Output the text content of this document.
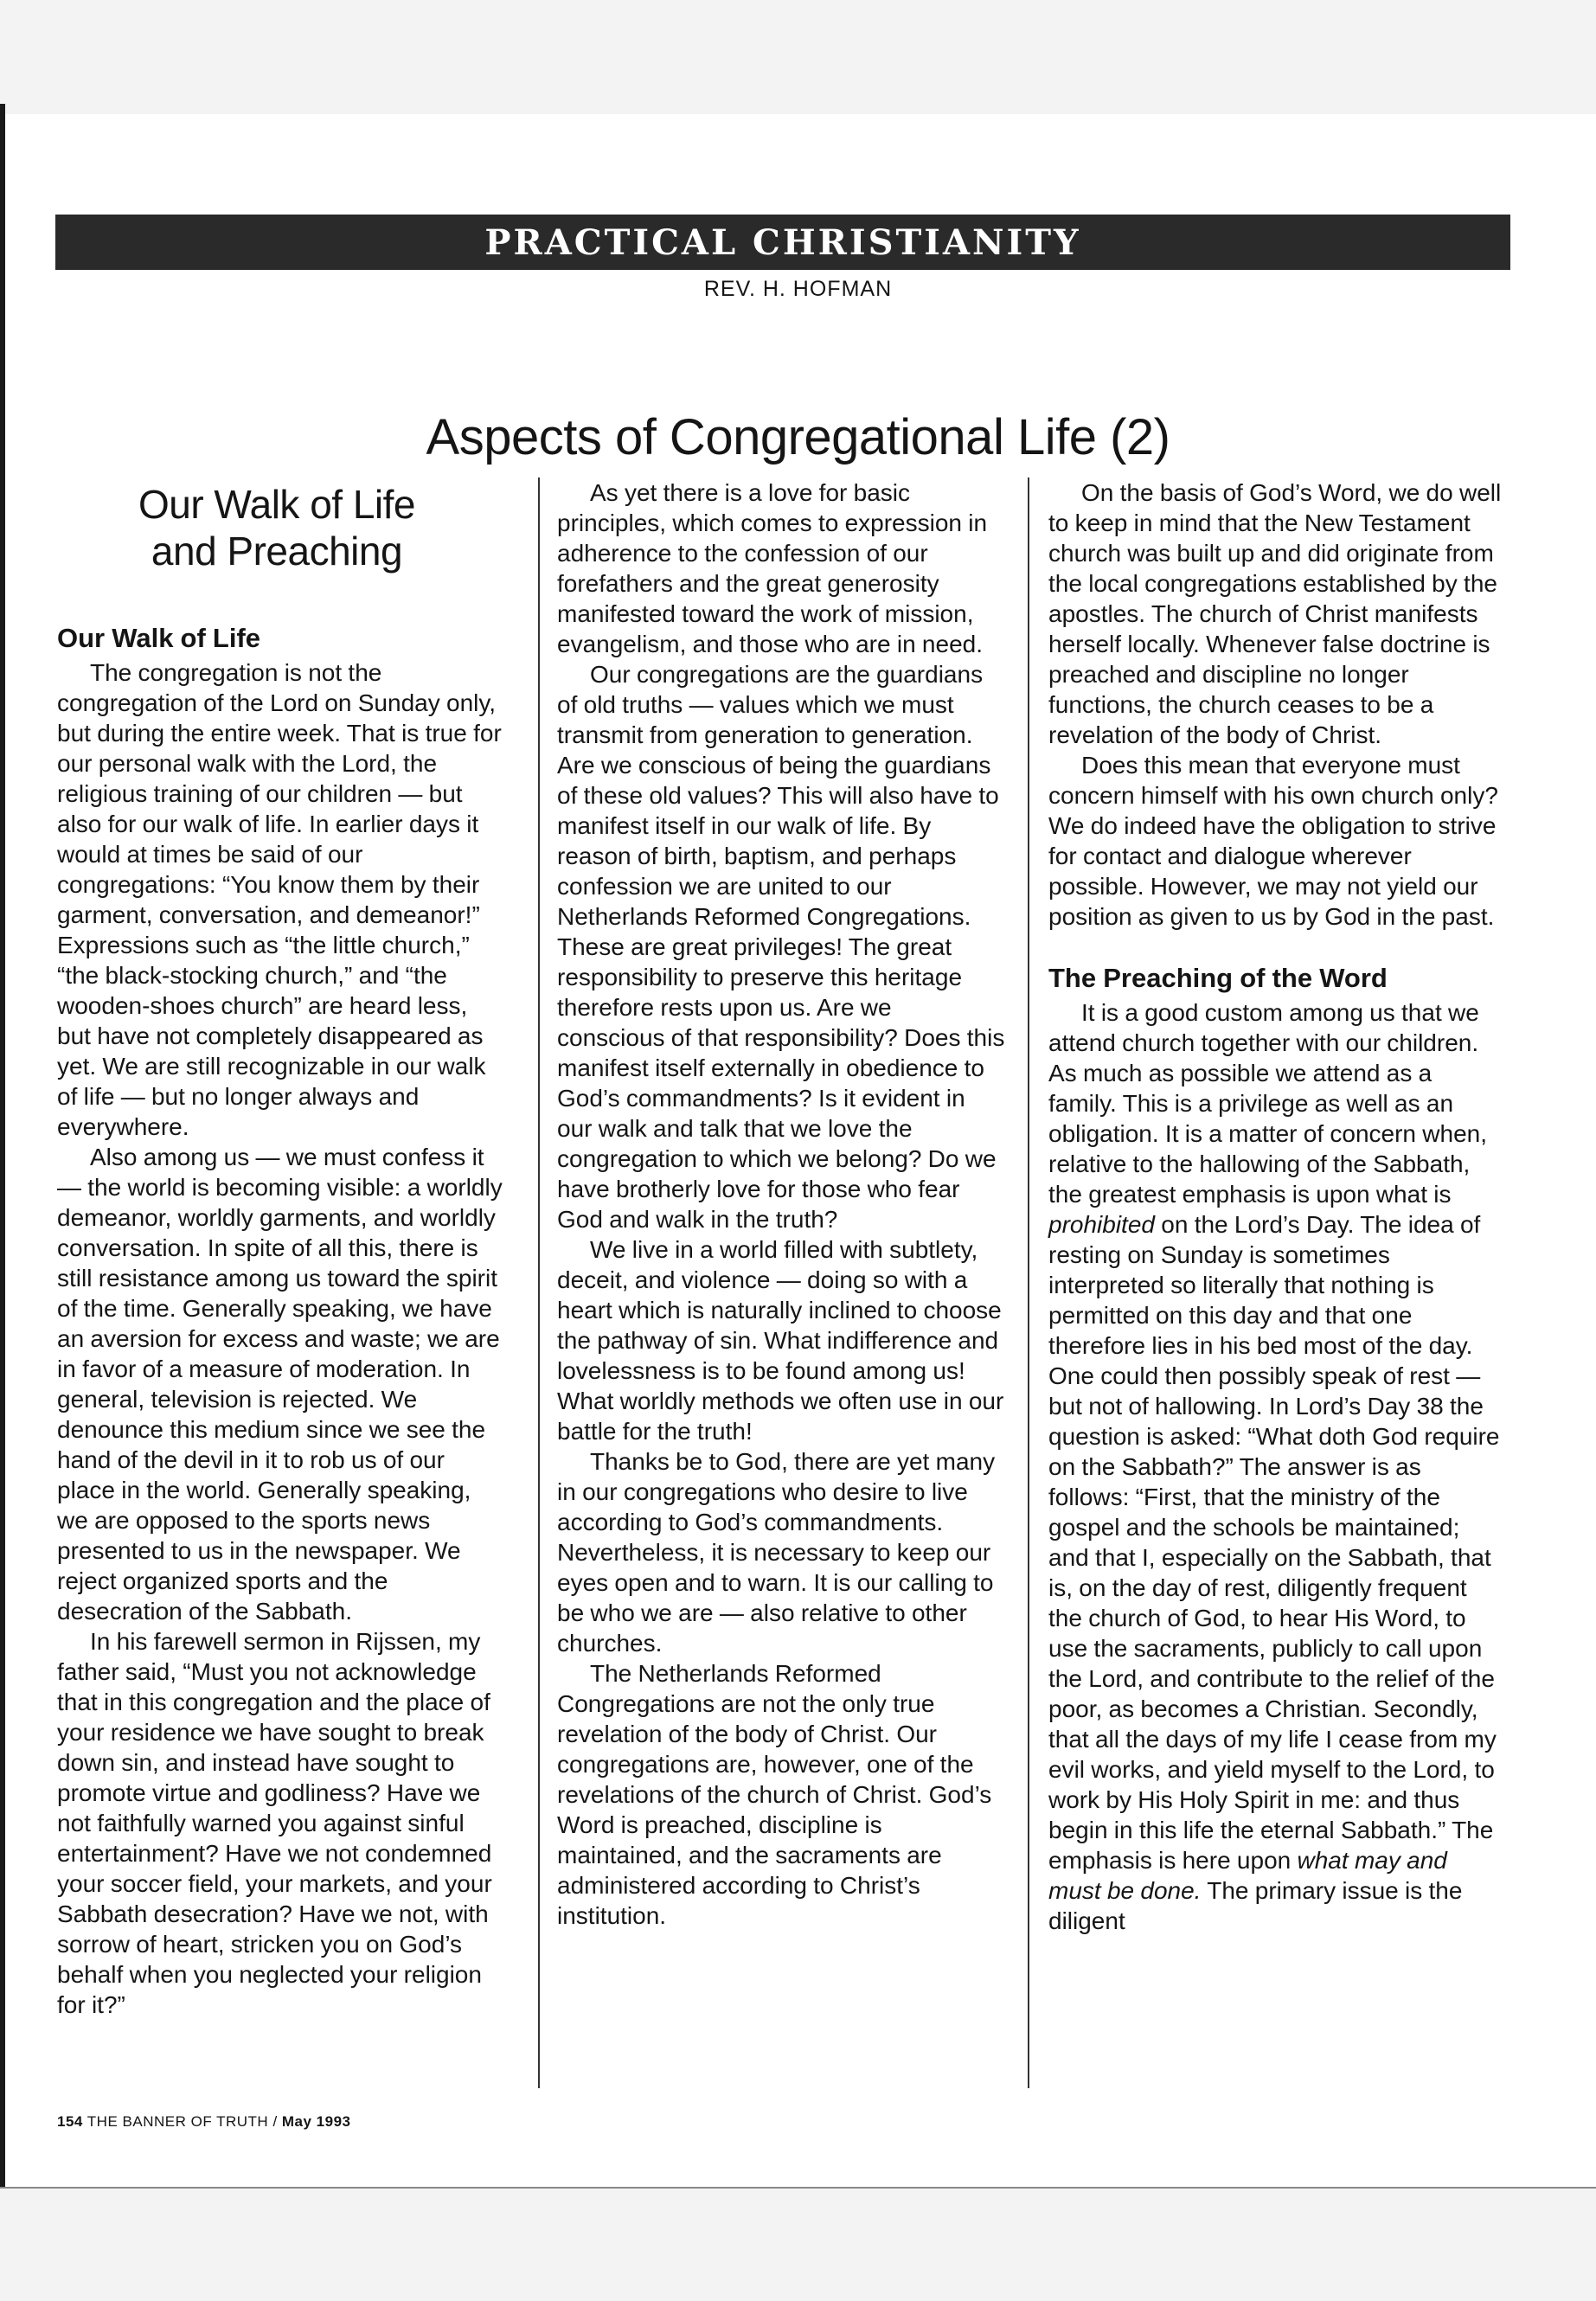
PRACTICAL CHRISTIANITY
REV. H. HOFMAN
Aspects of Congregational Life (2)
Our Walk of Life
and Preaching
Our Walk of Life

The congregation is not the congregation of the Lord on Sunday only, but during the entire week. That is true for our personal walk with the Lord, the religious training of our children — but also for our walk of life. In earlier days it would at times be said of our congregations: “You know them by their garment, conversation, and demeanor!” Expressions such as “the little church,” “the black-stocking church,” and “the wooden-shoes church” are heard less, but have not completely disappeared as yet. We are still recognizable in our walk of life — but no longer always and everywhere.

Also among us — we must confess it — the world is becoming visible: a worldly demeanor, worldly garments, and worldly conversation. In spite of all this, there is still resistance among us toward the spirit of the time. Generally speaking, we have an aversion for excess and waste; we are in favor of a measure of moderation. In general, television is rejected. We denounce this medium since we see the hand of the devil in it to rob us of our place in the world. Generally speaking, we are opposed to the sports news presented to us in the newspaper. We reject organized sports and the desecration of the Sabbath.

In his farewell sermon in Rijssen, my father said, “Must you not acknowledge that in this congregation and the place of your residence we have sought to break down sin, and instead have sought to promote virtue and godliness? Have we not faithfully warned you against sinful entertainment? Have we not condemned your soccer field, your markets, and your Sabbath desecration? Have we not, with sorrow of heart, stricken you on God’s behalf when you neglected your religion for it?”

As yet there is a love for basic principles, which comes to expression in adherence to the confession of our forefathers and the great generosity manifested toward the work of mission, evangelism, and those who are in need.

Our congregations are the guardians of old truths — values which we must transmit from generation to generation. Are we conscious of being the guardians of these old values? This will also have to manifest itself in our walk of life. By reason of birth, baptism, and perhaps confession we are united to our Netherlands Reformed Congregations. These are great privileges! The great responsibility to preserve this heritage therefore rests upon us. Are we conscious of that responsibility? Does this manifest itself externally in obedience to God’s commandments? Is it evident in our walk and talk that we love the congregation to which we belong? Do we have brotherly love for those who fear God and walk in the truth?

We live in a world filled with subtlety, deceit, and violence — doing so with a heart which is naturally inclined to choose the pathway of sin. What indifference and lovelessness is to be found among us! What worldly methods we often use in our battle for the truth!

Thanks be to God, there are yet many in our congregations who desire to live according to God’s commandments. Nevertheless, it is necessary to keep our eyes open and to warn. It is our calling to be who we are — also relative to other churches.

The Netherlands Reformed Congregations are not the only true revelation of the body of Christ. Our congregations are, however, one of the revelations of the church of Christ. God’s Word is preached, discipline is maintained, and the sacraments are administered according to Christ’s institution.

On the basis of God’s Word, we do well to keep in mind that the New Testament church was built up and did originate from the local congregations established by the apostles. The church of Christ manifests herself locally. Whenever false doctrine is preached and discipline no longer functions, the church ceases to be a revelation of the body of Christ.

Does this mean that everyone must concern himself with his own church only? We do indeed have the obligation to strive for contact and dialogue wherever possible. However, we may not yield our position as given to us by God in the past.

The Preaching of the Word

It is a good custom among us that we attend church together with our children. As much as possible we attend as a family. This is a privilege as well as an obligation. It is a matter of concern when, relative to the hallowing of the Sabbath, the greatest emphasis is upon what is prohibited on the Lord’s Day. The idea of resting on Sunday is sometimes interpreted so literally that nothing is permitted on this day and that one therefore lies in his bed most of the day. One could then possibly speak of rest — but not of hallowing. In Lord’s Day 38 the question is asked: “What doth God require on the Sabbath?” The answer is as follows: “First, that the ministry of the gospel and the schools be maintained; and that I, especially on the Sabbath, that is, on the day of rest, diligently frequent the church of God, to hear His Word, to use the sacraments, publicly to call upon the Lord, and contribute to the relief of the poor, as becomes a Christian. Secondly, that all the days of my life I cease from my evil works, and yield myself to the Lord, to work by His Holy Spirit in me: and thus begin in this life the eternal Sabbath.” The emphasis is here upon what may and must be done. The primary issue is the diligent

154 THE BANNER OF TRUTH / May 1993
